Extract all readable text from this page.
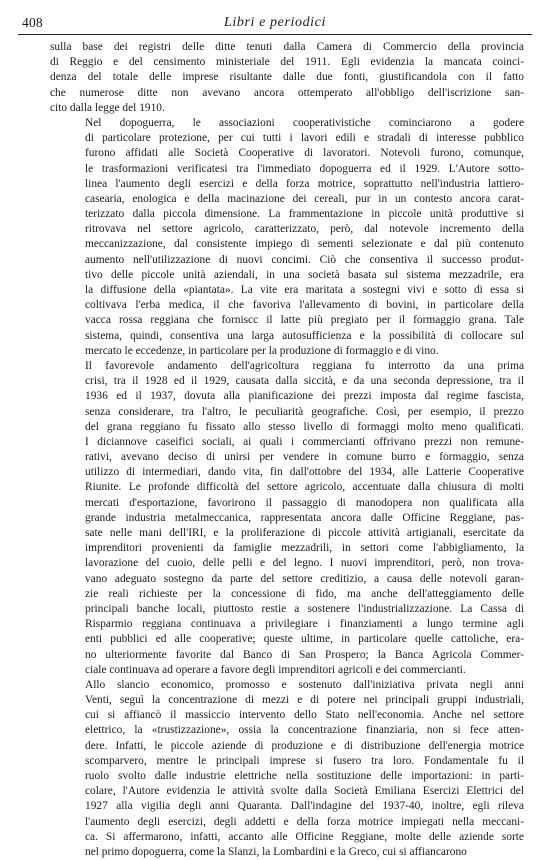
408	Libri e periodici

sulla base dei registri delle ditte tenuti dalla Camera di Commercio della provincia
di Reggio e del censimento ministeriale del 1911. Egli evidenzia la mancata coinci-
denza del totale delle imprese risultante dalle due fonti, giustificandola con il fatto
che numerose ditte non avevano ancora ottemperato all'obbligo dell'iscrizione san-
cito dalla legge del 1910.

Nel dopoguerra, le associazioni cooperativistiche cominciarono a godere
di particolare protezione, per cui tutti i lavori edili e stradali di interesse pubblico
furono affidati alle Società Cooperative di lavoratori. Notevoli furono, comunque,
le trasformazioni verificatesi tra l'immediato dopoguerra ed il 1929. L'Autore sotto-
linea l'aumento degli esercizi e della forza motrice, soprattutto nell'industria lattiero-
casearia, enologica e della macinazione dei cereali, pur in un contesto ancora carat-
terizzato dalla piccola dimensione. La frammentazione in piccole unità produttive si
ritrovava nel settore agricolo, caratterizzato, però, dal notevole incremento della
meccanizzazione, dal consistente impiego di sementi selezionate e dal più contenuto
aumento nell'utilizzazione di nuovi concimi. Ciò che consentiva il successo produt-
tivo delle piccole unità aziendali, in una società basata sul sistema mezzadrile, era
la diffusione della «piantata». La vite era maritata a sostegni vivi e sotto di essa si
coltivava l'erba medica, il che favoriva l'allevamento di bovini, in particolare della
vacca rossa reggiana che forniscc il latte più pregiato per il formaggio grana. Tale
sistema, quindi, consentiva una larga autosufficienza e la possibilità di collocare sul
mercato le eccedenze, in particolare per la produzione di formaggio e di vino.

Il favorevole andamento dell'agricoltura reggiana fu interrotto da una prima
crisi, tra il 1928 ed il 1929, causata dalla siccità, e da una seconda depressione, tra il
1936 ed il 1937, dovuta alla pianificazione dei prezzi imposta dal regime fascista,
senza considerare, tra l'altro, le peculiarità geografiche. Così, per esempio, il prezzo
del grana reggiano fu fissato allo stesso livello di formaggi molto meno qualificati.
I diciannove caseifici sociali, ai quali i commercianti offrivano prezzi non remune-
rativi, avevano deciso di unirsi per vendere in comune burro e formaggio, senza
utilizzo di intermediari, dando vita, fin dall'ottobre del 1934, alle Latterie Cooperative
Riunite. Le profonde difficoltà del settore agricolo, accentuate dalla chiusura di molti
mercati d'esportazione, favorirono il passaggio di manodopera non qualificata alla
grande industria metalmeccanica, rappresentata ancora dalle Officine Reggiane, pas-
sate nelle mani dell'IRI, e la proliferazione di piccole attività artigianali, esercitate da
imprenditori provenienti da famiglie mezzadrili, in settori come l'abbigliamento, la
lavorazione del cuoio, delle pelli e del legno. I nuovi imprenditori, però, non trova-
vano adeguato sostegno da parte del settore creditizio, a causa delle notevoli garan-
zie reali richieste per la concessione di fido, ma anche dell'atteggiamento delle
principali banche locali, piuttosto restie a sostenere l'industrializzazione. La Cassa di
Risparmio reggiana continuava a privilegiare i finanziamenti a lungo termine agli
enti pubblici ed alle cooperative; queste ultime, in particolare quelle cattoliche, era-
no ulteriormente favorite dal Banco di San Prospero; la Banca Agricola Commer-
ciale continuava ad operare a favore degli imprenditori agricoli e dei commercianti.

Allo slancio economico, promosso e sostenuto dall'iniziativa privata negli anni
Venti, seguì la concentrazione di mezzi e di potere nei principali gruppi industriali,
cui si affiancò il massiccio intervento dello Stato nell'economia. Anche nel settore
elettrico, la «trustizzazione», ossia la concentrazione finanziaria, non si fece atten-
dere. Infatti, le piccole aziende di produzione e di distribuzione dell'energia motrice
scomparvero, mentre le principali imprese si fusero tra loro. Fondamentale fu il
ruolo svolto dalle industrie elettriche nella sostituzione delle importazioni: in parti-
colare, l'Autore evidenzia le attività svolte dalla Società Emiliana Esercizi Elettrici del
1927 alla vigilia degli anni Quaranta. Dall'indagine del 1937-40, inoltre, egli rileva
l'aumento degli esercizi, degli addetti e della forza motrice impiegati nella meccani-
ca. Si affermarono, infatti, accanto alle Officine Reggiane, molte delle aziende sorte
nel primo dopoguerra, come la Slanzi, la Lombardini e la Greco, cui si affiancarono
